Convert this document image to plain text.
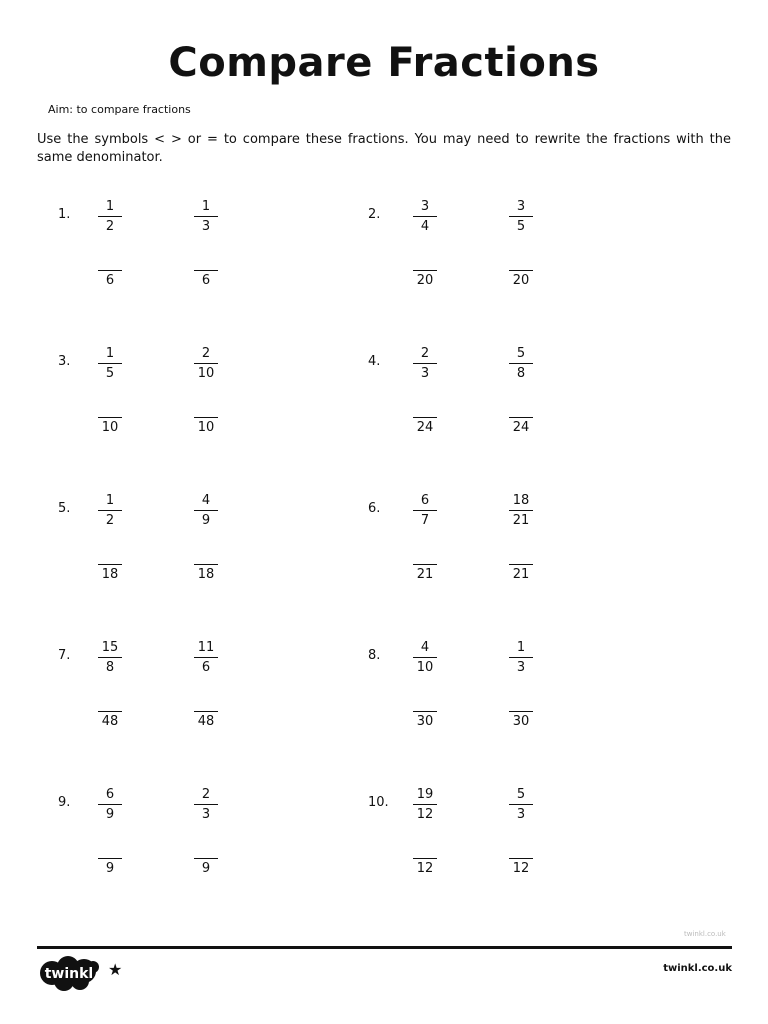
Compare Fractions
Aim: to compare fractions
Use the symbols < > or = to compare these fractions. You may need to rewrite the fractions with the same denominator.
1.
1
2
1
3
6	6
2.
3
4
3
5
20	20
3.
1
5
2
10
10	10
4.
2
3
5
8
24	24
5.
1
2
4
9
18	18
6.
6
7
18
21
21	21
7.
15
8
11
6
48	48
8.
4
10
1
3
30	30
9.
6
9
2
3
9	9
10.
19
12
5
3
12	12
twinkl.co.uk
twinkl ★	twinkl.co.uk
